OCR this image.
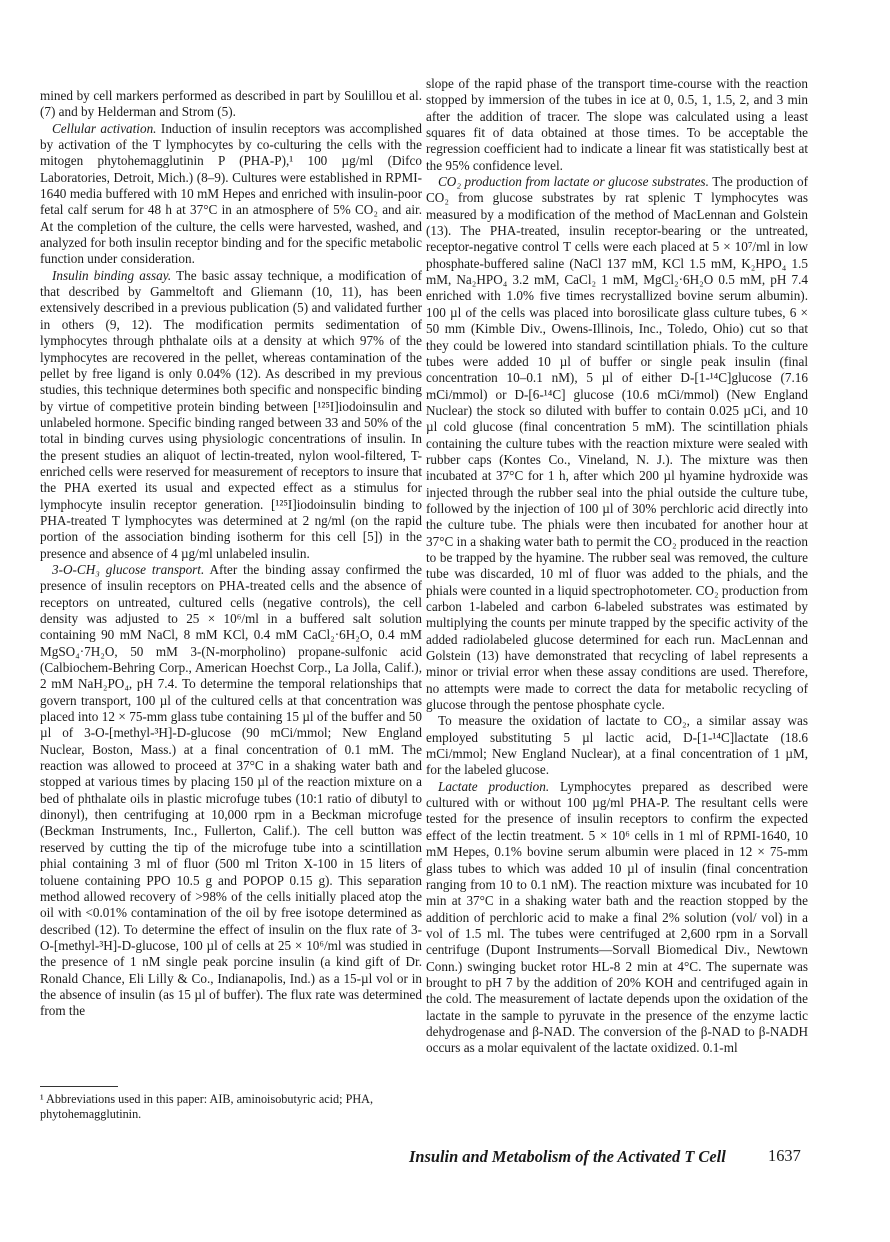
mined by cell markers performed as described in part by Soulillou et al. (7) and by Helderman and Strom (5).

Cellular activation. Induction of insulin receptors was accomplished by activation of the T lymphocytes by co-culturing the cells with the mitogen phytohemagglutinin P (PHA-P),¹ 100 µg/ml (Difco Laboratories, Detroit, Mich.) (8–9). Cultures were established in RPMI-1640 media buffered with 10 mM Hepes and enriched with insulin-poor fetal calf serum for 48 h at 37°C in an atmosphere of 5% CO₂ and air. At the completion of the culture, the cells were harvested, washed, and analyzed for both insulin receptor binding and for the specific metabolic function under consideration.

Insulin binding assay. The basic assay technique, a modification of that described by Gammeltoft and Gliemann (10, 11), has been extensively described in a previous publication (5) and validated further in others (9, 12). The modification permits sedimentation of lymphocytes through phthalate oils at a density at which 97% of the lymphocytes are recovered in the pellet, whereas contamination of the pellet by free ligand is only 0.04% (12). As described in my previous studies, this technique determines both specific and nonspecific binding by virtue of competitive protein binding between [¹²⁵I]iodoinsulin and unlabeled hormone. Specific binding ranged between 33 and 50% of the total in binding curves using physiologic concentrations of insulin. In the present studies an aliquot of lectin-treated, nylon wool-filtered, T-enriched cells were reserved for measurement of receptors to insure that the PHA exerted its usual and expected effect as a stimulus for lymphocyte insulin receptor generation. [¹²⁵I]iodoinsulin binding to PHA-treated T lymphocytes was determined at 2 ng/ml (on the rapid portion of the association binding isotherm for this cell [5]) in the presence and absence of 4 µg/ml unlabeled insulin.

3-O-CH₃ glucose transport. After the binding assay confirmed the presence of insulin receptors on PHA-treated cells and the absence of receptors on untreated, cultured cells (negative controls), the cell density was adjusted to 25 × 10⁶/ml in a buffered salt solution containing 90 mM NaCl, 8 mM KCl, 0.4 mM CaCl₂·6H₂O, 0.4 mM MgSO₄·7H₂O, 50 mM 3-(N-morpholino) propane-sulfonic acid (Calbiochem-Behring Corp., American Hoechst Corp., La Jolla, Calif.), 2 mM NaH₂PO₄, pH 7.4. To determine the temporal relationships that govern transport, 100 µl of the cultured cells at that concentration was placed into 12 × 75-mm glass tube containing 15 µl of the buffer and 50 µl of 3-O-[methyl-³H]-D-glucose (90 mCi/mmol; New England Nuclear, Boston, Mass.) at a final concentration of 0.1 mM. The reaction was allowed to proceed at 37°C in a shaking water bath and stopped at various times by placing 150 µl of the reaction mixture on a bed of phthalate oils in plastic microfuge tubes (10:1 ratio of dibutyl to dinonyl), then centrifuging at 10,000 rpm in a Beckman microfuge (Beckman Instruments, Inc., Fullerton, Calif.). The cell button was reserved by cutting the tip of the microfuge tube into a scintillation phial containing 3 ml of fluor (500 ml Triton X-100 in 15 liters of toluene containing PPO 10.5 g and POPOP 0.15 g). This separation method allowed recovery of >98% of the cells initially placed atop the oil with <0.01% contamination of the oil by free isotope determined as described (12). To determine the effect of insulin on the flux rate of 3-O-[methyl-³H]-D-glucose, 100 µl of cells at 25 × 10⁶/ml was studied in the presence of 1 nM single peak porcine insulin (a kind gift of Dr. Ronald Chance, Eli Lilly & Co., Indianapolis, Ind.) as a 15-µl vol or in the absence of insulin (as 15 µl of buffer). The flux rate was determined from the

slope of the rapid phase of the transport time-course with the reaction stopped by immersion of the tubes in ice at 0, 0.5, 1, 1.5, 2, and 3 min after the addition of tracer. The slope was calculated using a least squares fit of data obtained at those times. To be acceptable the regression coefficient had to indicate a linear fit was statistically best at the 95% confidence level.

CO₂ production from lactate or glucose substrates. The production of CO₂ from glucose substrates by rat splenic T lymphocytes was measured by a modification of the method of MacLennan and Golstein (13). The PHA-treated, insulin receptor-bearing or the untreated, receptor-negative control T cells were each placed at 5 × 10⁷/ml in low phosphate-buffered saline (NaCl 137 mM, KCl 1.5 mM, K₂HPO₄ 1.5 mM, Na₂HPO₄ 3.2 mM, CaCl₂ 1 mM, MgCl₂·6H₂O 0.5 mM, pH 7.4 enriched with 1.0% five times recrystallized bovine serum albumin). 100 µl of the cells was placed into borosilicate glass culture tubes, 6 × 50 mm (Kimble Div., Owens-Illinois, Inc., Toledo, Ohio) cut so that they could be lowered into standard scintillation phials. To the culture tubes were added 10 µl of buffer or single peak insulin (final concentration 10–0.1 nM), 5 µl of either D-[1-¹⁴C]glucose (7.16 mCi/mmol) or D-[6-¹⁴C] glucose (10.6 mCi/mmol) (New England Nuclear) the stock so diluted with buffer to contain 0.025 µCi, and 10 µl cold glucose (final concentration 5 mM). The scintillation phials containing the culture tubes with the reaction mixture were sealed with rubber caps (Kontes Co., Vineland, N. J.). The mixture was then incubated at 37°C for 1 h, after which 200 µl hyamine hydroxide was injected through the rubber seal into the phial outside the culture tube, followed by the injection of 100 µl of 30% perchloric acid directly into the culture tube. The phials were then incubated for another hour at 37°C in a shaking water bath to permit the CO₂ produced in the reaction to be trapped by the hyamine. The rubber seal was removed, the culture tube was discarded, 10 ml of fluor was added to the phials, and the phials were counted in a liquid spectrophotometer. CO₂ production from carbon 1-labeled and carbon 6-labeled substrates was estimated by multiplying the counts per minute trapped by the specific activity of the added radiolabeled glucose determined for each run. MacLennan and Golstein (13) have demonstrated that recycling of label represents a minor or trivial error when these assay conditions are used. Therefore, no attempts were made to correct the data for metabolic recycling of glucose through the pentose phosphate cycle.

To measure the oxidation of lactate to CO₂, a similar assay was employed substituting 5 µl lactic acid, D-[1-¹⁴C]lactate (18.6 mCi/mmol; New England Nuclear), at a final concentration of 1 µM, for the labeled glucose.

Lactate production. Lymphocytes prepared as described were cultured with or without 100 µg/ml PHA-P. The resultant cells were tested for the presence of insulin receptors to confirm the expected effect of the lectin treatment. 5 × 10⁶ cells in 1 ml of RPMI-1640, 10 mM Hepes, 0.1% bovine serum albumin were placed in 12 × 75-mm glass tubes to which was added 10 µl of insulin (final concentration ranging from 10 to 0.1 nM). The reaction mixture was incubated for 10 min at 37°C in a shaking water bath and the reaction stopped by the addition of perchloric acid to make a final 2% solution (vol/ vol) in a vol of 1.5 ml. The tubes were centrifuged at 2,600 rpm in a Sorvall centrifuge (Dupont Instruments—Sorvall Biomedical Div., Newtown Conn.) swinging bucket rotor HL-8 2 min at 4°C. The supernate was brought to pH 7 by the addition of 20% KOH and centrifuged again in the cold. The measurement of lactate depends upon the oxidation of the lactate in the sample to pyruvate in the presence of the enzyme lactic dehydrogenase and β-NAD. The conversion of the β-NAD to β-NADH occurs as a molar equivalent of the lactate oxidized. 0.1-ml

¹ Abbreviations used in this paper: AIB, aminoisobutyric acid; PHA, phytohemagglutinin.
Insulin and Metabolism of the Activated T Cell	1637
